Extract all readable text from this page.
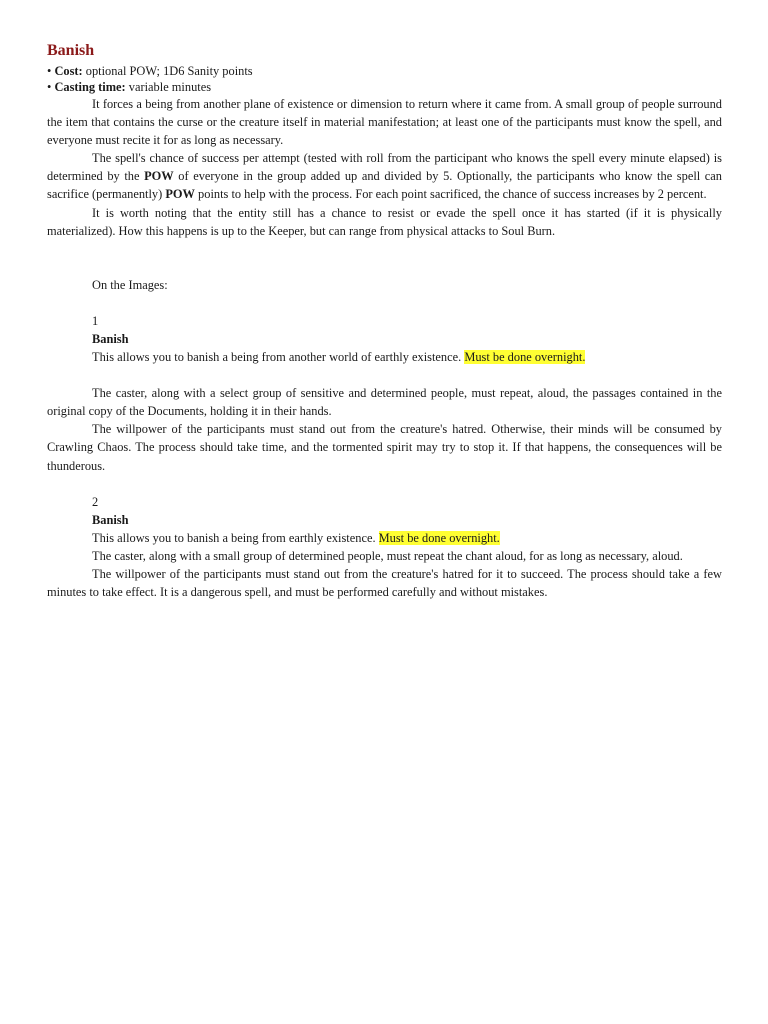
Banish
• Cost: optional POW; 1D6 Sanity points
• Casting time: variable minutes

It forces a being from another plane of existence or dimension to return where it came from. A small group of people surround the item that contains the curse or the creature itself in material manifestation; at least one of the participants must know the spell, and everyone must recite it for as long as necessary.

The spell's chance of success per attempt (tested with roll from the participant who knows the spell every minute elapsed) is determined by the POW of everyone in the group added up and divided by 5. Optionally, the participants who know the spell can sacrifice (permanently) POW points to help with the process. For each point sacrificed, the chance of success increases by 2 percent.

It is worth noting that the entity still has a chance to resist or evade the spell once it has started (if it is physically materialized). How this happens is up to the Keeper, but can range from physical attacks to Soul Burn.

On the Images:

1

Banish

This allows you to banish a being from another world of earthly existence. Must be done overnight.

The caster, along with a select group of sensitive and determined people, must repeat, aloud, the passages contained in the original copy of the Documents, holding it in their hands.

The willpower of the participants must stand out from the creature's hatred. Otherwise, their minds will be consumed by Crawling Chaos. The process should take time, and the tormented spirit may try to stop it. If that happens, the consequences will be thunderous.

2

Banish

This allows you to banish a being from earthly existence. Must be done overnight.

The caster, along with a small group of determined people, must repeat the chant aloud, for as long as necessary, aloud.

The willpower of the participants must stand out from the creature's hatred for it to succeed. The process should take a few minutes to take effect. It is a dangerous spell, and must be performed carefully and without mistakes.
